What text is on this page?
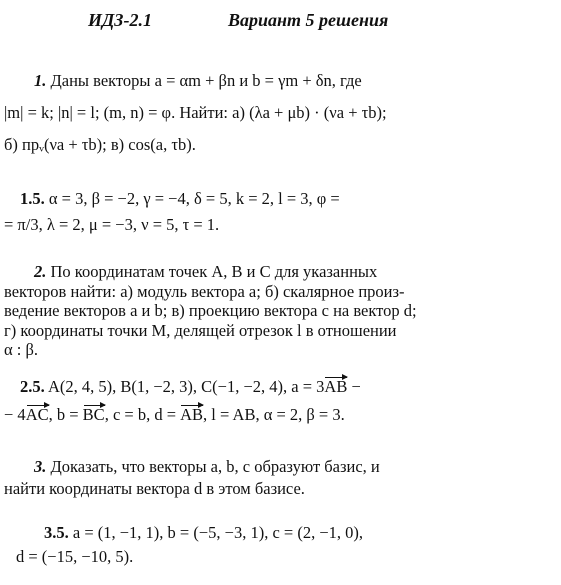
ИДЗ-2.1	Вариант 5 решения
1. Даны векторы a = αm + βn и b = γm + δn, где
|m| = k; |n| = l; (m, n) = φ. Найти: а) (λa + μb) · (νa + τb);
б) прᵥ(νa + τb); в) cos(a, τb).
1.5. α = 3, β = −2, γ = −4, δ = 5, k = 2, l = 3, φ =
= π/3, λ = 2, μ = −3, ν = 5, τ = 1.
2. По координатам точек A, B и C для указанных
векторов найти: а) модуль вектора a; б) скалярное произ-
ведение векторов a и b; в) проекцию вектора c на вектор d;
г) координаты точки M, делящей отрезок l в отношении
α : β.
2.5. A(2, 4, 5), B(1, −2, 3), C(−1, −2, 4), a = 3AB −
− 4AC, b = BC, c = b, d = AB, l = AB, α = 2, β = 3.
3. Доказать, что векторы a, b, c образуют базис, и
найти координаты вектора d в этом базисе.
3.5. a = (1, −1, 1), b = (−5, −3, 1), c = (2, −1, 0),
d = (−15, −10, 5).
